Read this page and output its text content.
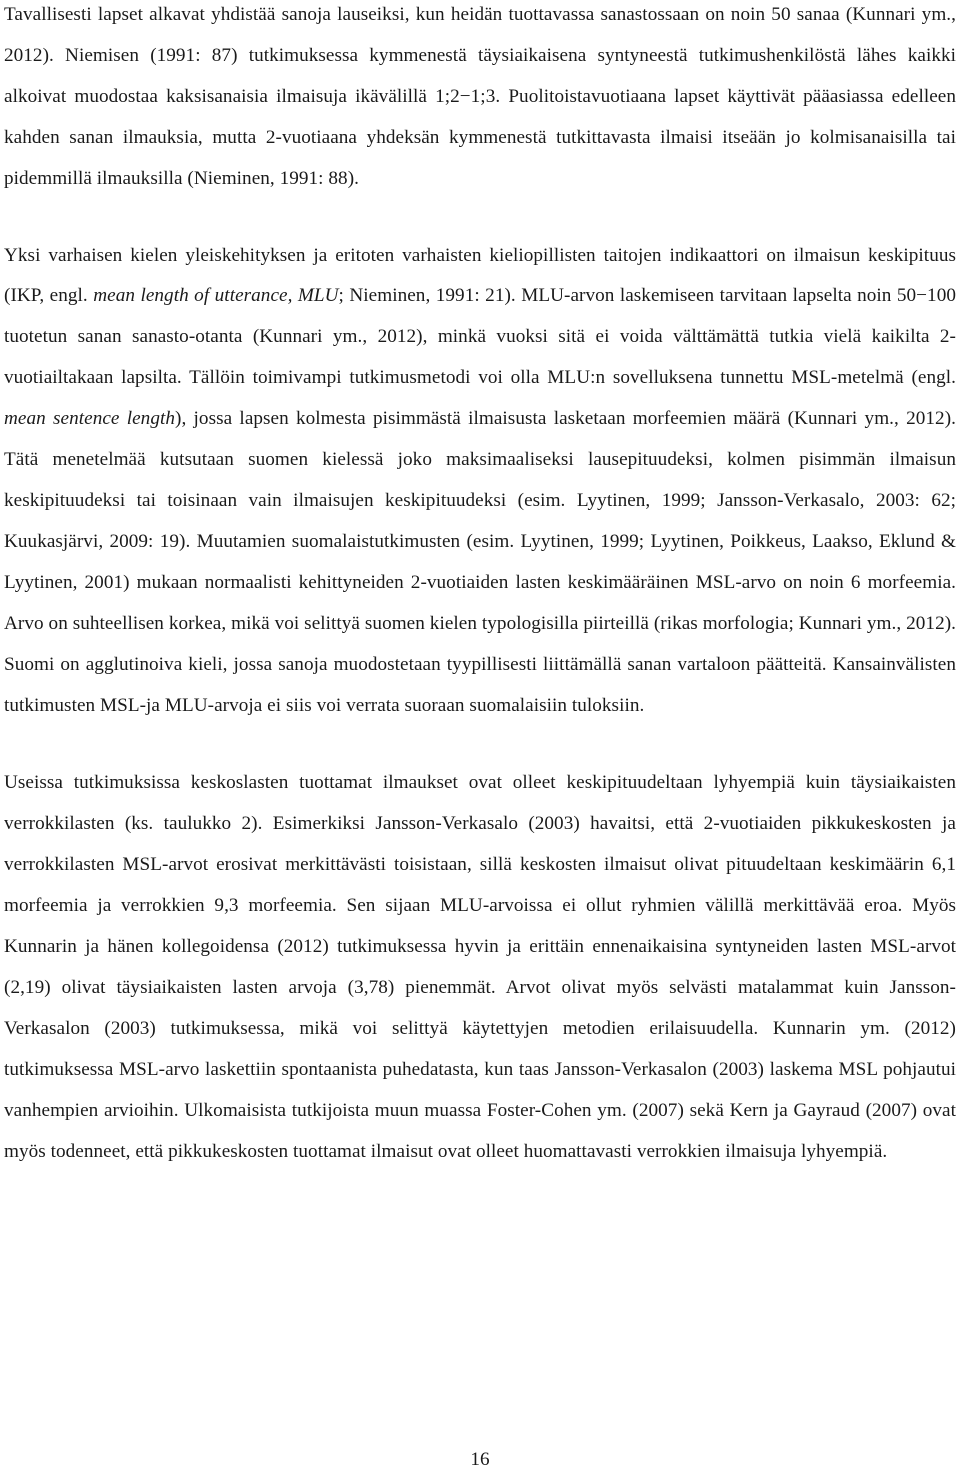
Tavallisesti lapset alkavat yhdistää sanoja lauseiksi, kun heidän tuottavassa sanastossaan on noin 50 sanaa (Kunnari ym., 2012). Niemisen (1991: 87) tutkimuksessa kymmenestä täysiaikaisena syntyneestä tutkimushenkilöstä lähes kaikki alkoivat muodostaa kaksisanaisia ilmaisuja ikävälillä 1;2−1;3. Puolitoistavuotiaana lapset käyttivät pääasiassa edelleen kahden sanan ilmauksia, mutta 2-vuotiaana yhdeksän kymmenestä tutkittavasta ilmaisi itseään jo kolmisanaisilla tai pidemmillä ilmauksilla (Nieminen, 1991: 88).

Yksi varhaisen kielen yleiskehityksen ja eritoten varhaisten kieliopillisten taitojen indikaattori on ilmaisun keskipituus (IKP, engl. mean length of utterance, MLU; Nieminen, 1991: 21). MLU-arvon laskemiseen tarvitaan lapselta noin 50−100 tuotetun sanan sanasto-otanta (Kunnari ym., 2012), minkä vuoksi sitä ei voida välttämättä tutkia vielä kaikilta 2-vuotiailtakaan lapsilta. Tällöin toimivampi tutkimusmetodi voi olla MLU:n sovelluksena tunnettu MSL-metelmä (engl. mean sentence length), jossa lapsen kolmesta pisimmästä ilmaisusta lasketaan morfeemien määrä (Kunnari ym., 2012). Tätä menetelmää kutsutaan suomen kielessä joko maksimaaliseksi lausepituudeksi, kolmen pisimmän ilmaisun keskipituudeksi tai toisinaan vain ilmaisujen keskipituudeksi (esim. Lyytinen, 1999; Jansson-Verkasalo, 2003: 62; Kuukasjärvi, 2009: 19). Muutamien suomalaistutkimusten (esim. Lyytinen, 1999; Lyytinen, Poikkeus, Laakso, Eklund & Lyytinen, 2001) mukaan normaalisti kehittyneiden 2-vuotiaiden lasten keskimääräinen MSL-arvo on noin 6 morfeemia. Arvo on suhteellisen korkea, mikä voi selittyä suomen kielen typologisilla piirteillä (rikas morfologia; Kunnari ym., 2012). Suomi on agglutinoiva kieli, jossa sanoja muodostetaan tyypillisesti liittämällä sanan vartaloon päätteitä. Kansainvälisten tutkimusten MSL-ja MLU-arvoja ei siis voi verrata suoraan suomalaisiin tuloksiin.

Useissa tutkimuksissa keskoslasten tuottamat ilmaukset ovat olleet keskipituudeltaan lyhyempiä kuin täysiaikaisten verrokkilasten (ks. taulukko 2). Esimerkiksi Jansson-Verkasalo (2003) havaitsi, että 2-vuotiaiden pikkukeskosten ja verrokkilasten MSL-arvot erosivat merkittävästi toisistaan, sillä keskosten ilmaisut olivat pituudeltaan keskimäärin 6,1 morfeemia ja verrokkien 9,3 morfeemia. Sen sijaan MLU-arvoissa ei ollut ryhmien välillä merkittävää eroa. Myös Kunnarin ja hänen kollegoidensa (2012) tutkimuksessa hyvin ja erittäin ennenaikaisina syntyneiden lasten MSL-arvot (2,19) olivat täysiaikaisten lasten arvoja (3,78) pienemmät. Arvot olivat myös selvästi matalammat kuin Jansson-Verkasalon (2003) tutkimuksessa, mikä voi selittyä käytettyjen metodien erilaisuudella. Kunnarin ym. (2012) tutkimuksessa MSL-arvo laskettiin spontaanista puhedatasta, kun taas Jansson-Verkasalon (2003) laskema MSL pohjautui vanhempien arvioihin. Ulkomaisista tutkijoista muun muassa Foster-Cohen ym. (2007) sekä Kern ja Gayraud (2007) ovat myös todenneet, että pikkukeskosten tuottamat ilmaisut ovat olleet huomattavasti verrokkien ilmaisuja lyhyempiä.

16
